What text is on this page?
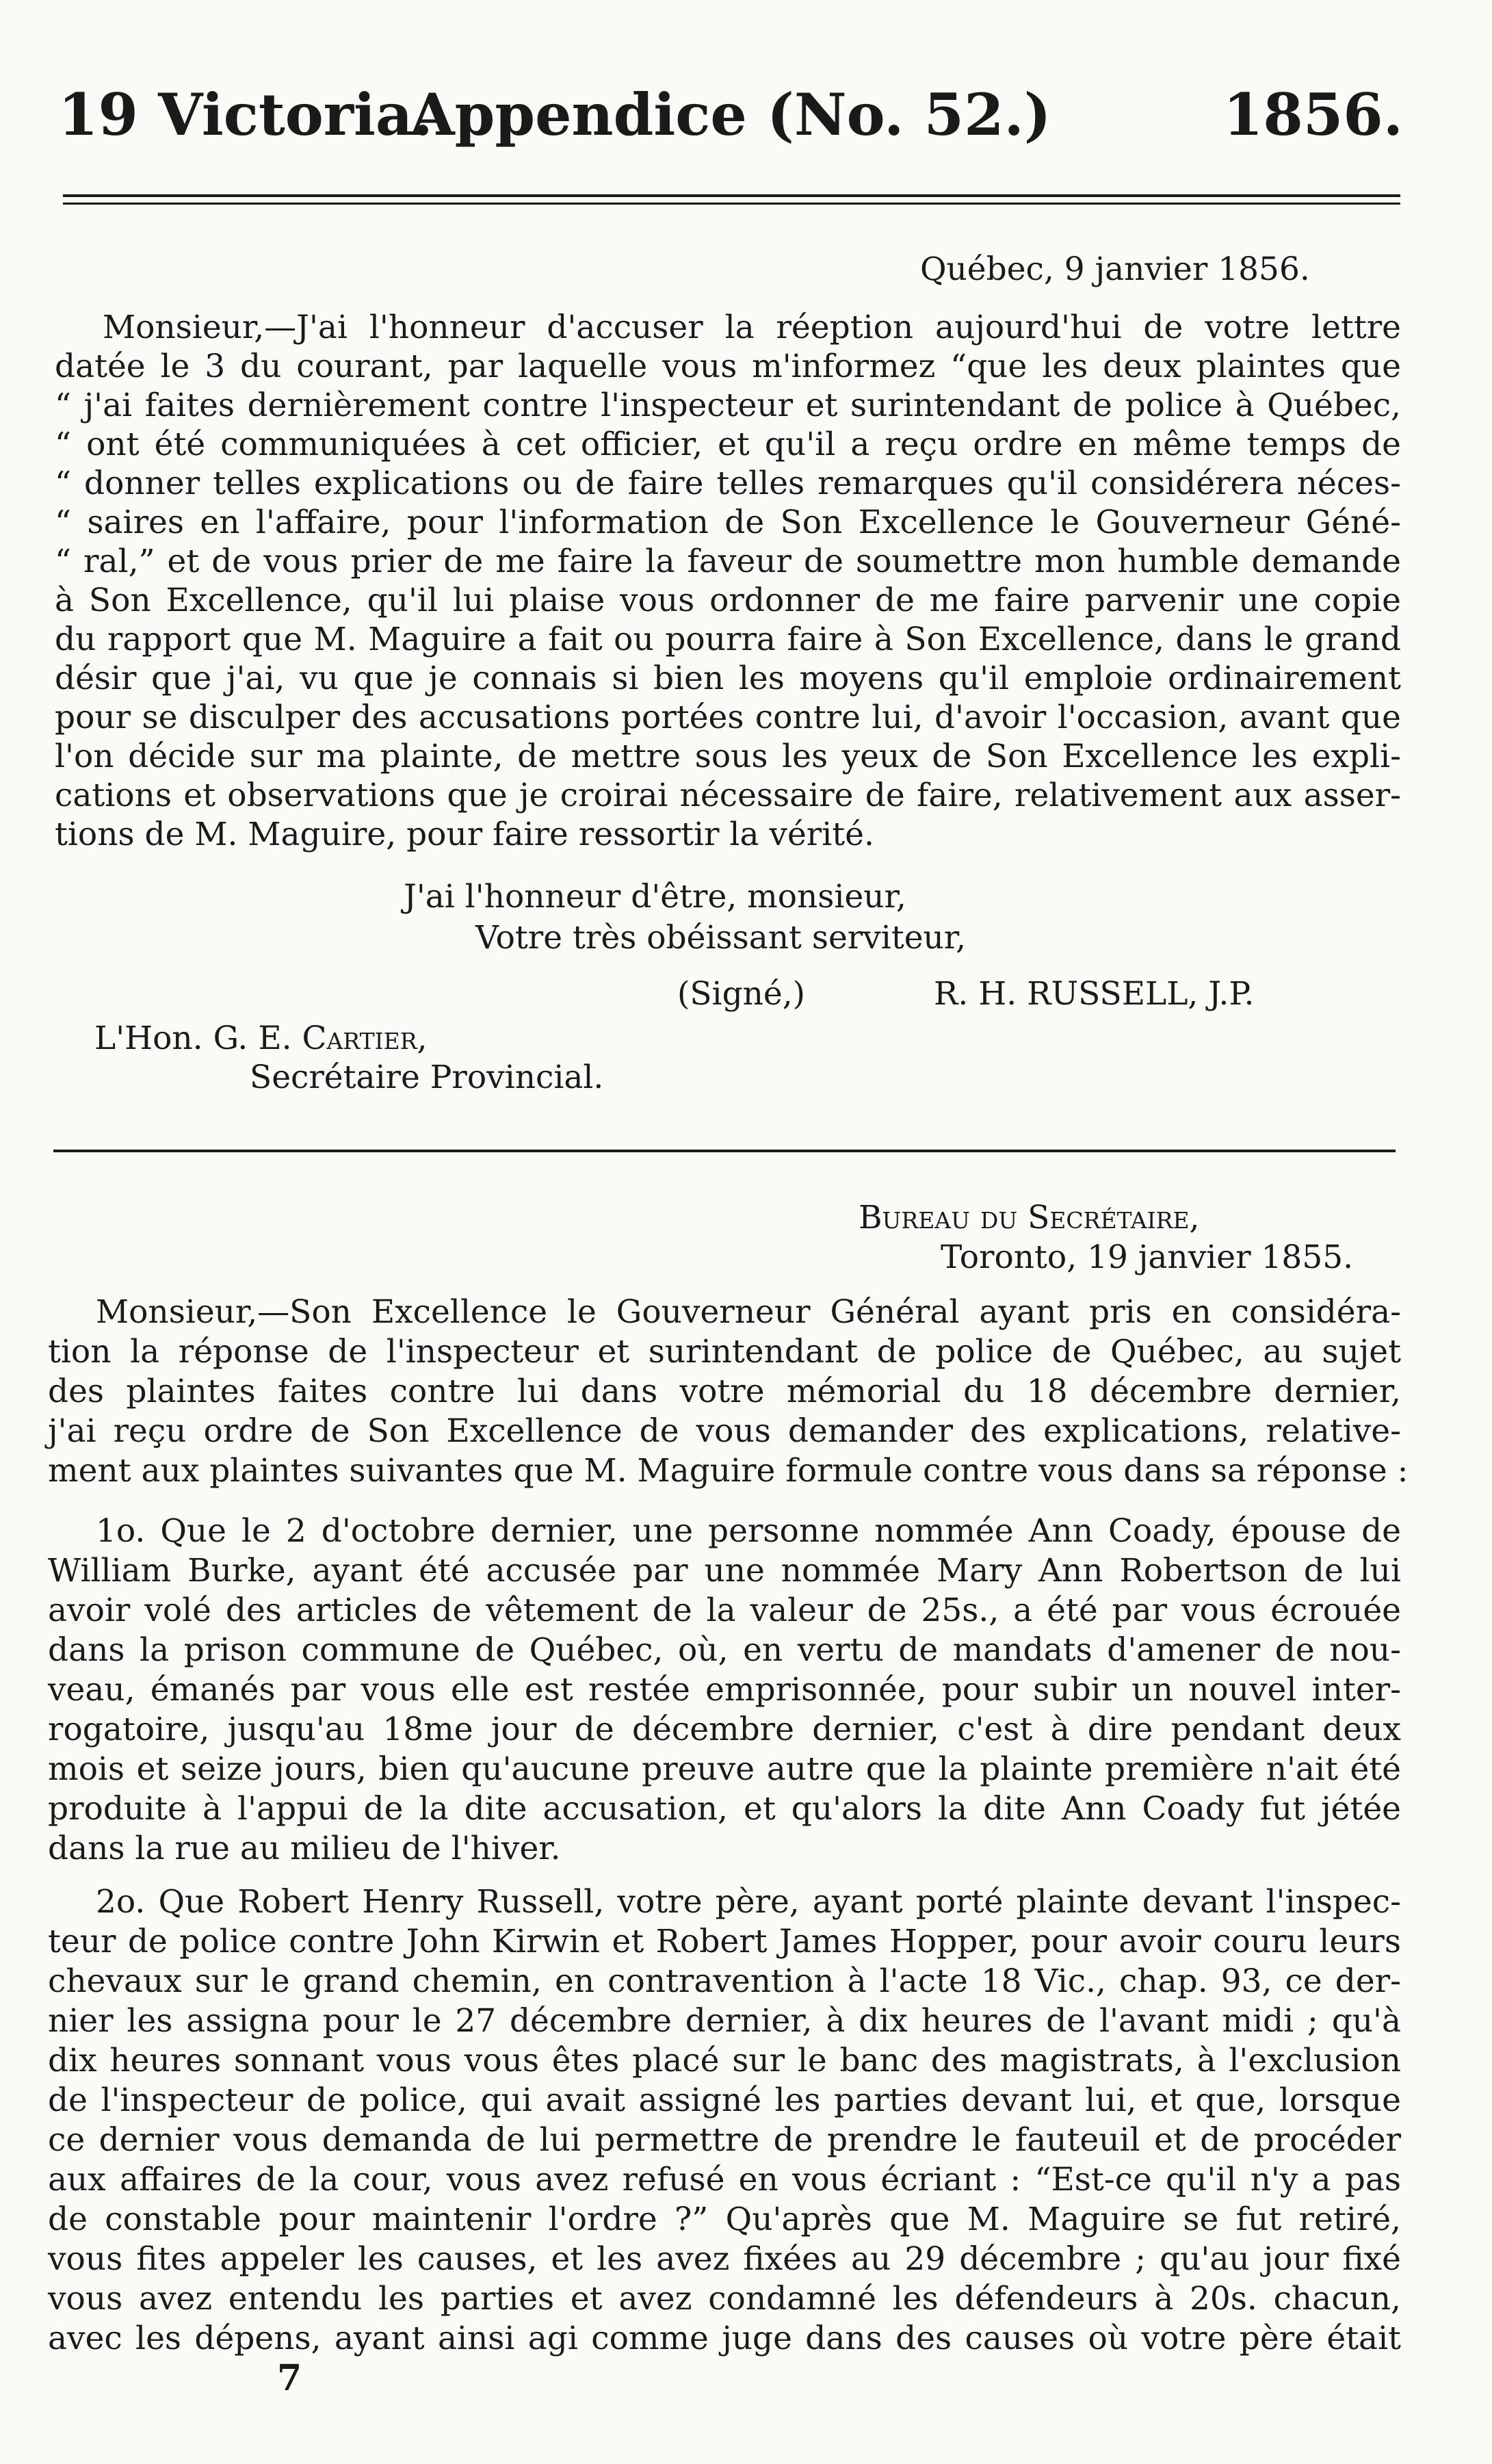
19 Victoria.
Appendice (No. 52.)	1856.
Québec, 9 janvier 1856.
Monsieur,—J'ai l'honneur d'accuser la réeption aujourd'hui de votre lettre
datée le 3 du courant, par laquelle vous m'informez “que les deux plaintes que
“ j'ai faites dernièrement contre l'inspecteur et surintendant de police à Québec,
“ ont été communiquées à cet officier, et qu'il a reçu ordre en même temps de
“ donner telles explications ou de faire telles remarques qu'il considérera néces-
“ saires en l'affaire, pour l'information de Son Excellence le Gouverneur Géné-
“ ral,” et de vous prier de me faire la faveur de soumettre mon humble demande
à Son Excellence, qu'il lui plaise vous ordonner de me faire parvenir une copie
du rapport que M. Maguire a fait ou pourra faire à Son Excellence, dans le grand
désir que j'ai, vu que je connais si bien les moyens qu'il emploie ordinairement
pour se disculper des accusations portées contre lui, d'avoir l'occasion, avant que
l'on décide sur ma plainte, de mettre sous les yeux de Son Excellence les expli-
cations et observations que je croirai nécessaire de faire, relativement aux asser-
tions de M. Maguire, pour faire ressortir la vérité.
J'ai l'honneur d'être, monsieur,
Votre très obéissant serviteur,
(Signé,)	R. H. RUSSELL, J.P.
L'Hon. G. E. Cartier,
Secrétaire Provincial.
Bureau du Secrétaire,
Toronto, 19 janvier 1855.
Monsieur,—Son Excellence le Gouverneur Général ayant pris en considéra-
tion la réponse de l'inspecteur et surintendant de police de Québec, au sujet
des plaintes faites contre lui dans votre mémorial du 18 décembre dernier,
j'ai reçu ordre de Son Excellence de vous demander des explications, relative-
ment aux plaintes suivantes que M. Maguire formule contre vous dans sa réponse :
1o. Que le 2 d'octobre dernier, une personne nommée Ann Coady, épouse de
William Burke, ayant été accusée par une nommée Mary Ann Robertson de lui
avoir volé des articles de vêtement de la valeur de 25s., a été par vous écrouée
dans la prison commune de Québec, où, en vertu de mandats d'amener de nou-
veau, émanés par vous elle est restée emprisonnée, pour subir un nouvel inter-
rogatoire, jusqu'au 18me jour de décembre dernier, c'est à dire pendant deux
mois et seize jours, bien qu'aucune preuve autre que la plainte première n'ait été
produite à l'appui de la dite accusation, et qu'alors la dite Ann Coady fut jétée
dans la rue au milieu de l'hiver.
2o. Que Robert Henry Russell, votre père, ayant porté plainte devant l'inspec-
teur de police contre John Kirwin et Robert James Hopper, pour avoir couru leurs
chevaux sur le grand chemin, en contravention à l'acte 18 Vic., chap. 93, ce der-
nier les assigna pour le 27 décembre dernier, à dix heures de l'avant midi ; qu'à
dix heures sonnant vous vous êtes placé sur le banc des magistrats, à l'exclusion
de l'inspecteur de police, qui avait assigné les parties devant lui, et que, lorsque
ce dernier vous demanda de lui permettre de prendre le fauteuil et de procéder
aux affaires de la cour, vous avez refusé en vous écriant : “Est-ce qu'il n'y a pas
de constable pour maintenir l'ordre ?” Qu'après que M. Maguire se fut retiré,
vous fites appeler les causes, et les avez fixées au 29 décembre ; qu'au jour fixé
vous avez entendu les parties et avez condamné les défendeurs à 20s. chacun,
avec les dépens, ayant ainsi agi comme juge dans des causes où votre père était
7
